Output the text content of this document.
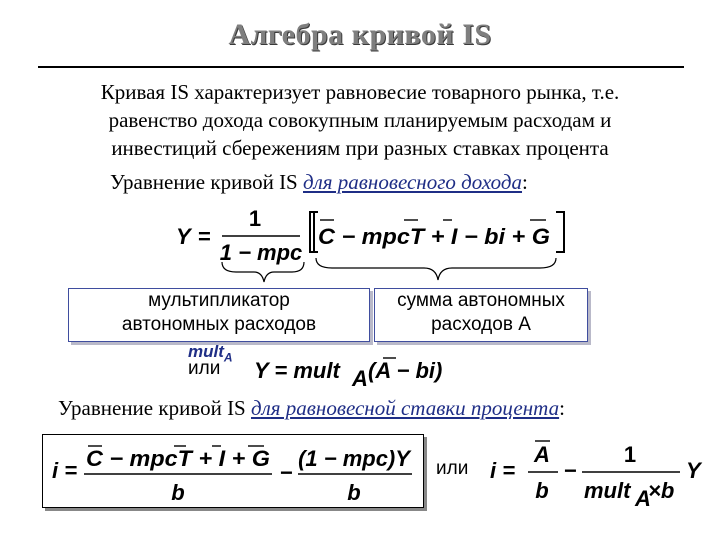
Алгебра кривой IS
Кривая IS характеризует равновесие товарного рынка, т.е.
равенство дохода совокупным планируемым расходам и
инвестиций сбережениям при разных ставках процента
Уравнение кривой IS для равновесного дохода:
мультипликатор
автономных расходов
сумма автономных
расходов A
mult$_A$
или
Уравнение кривой IS для равновесной ставки процента:
или
Y =
1
1 − mpc
C − mpcT + I − bi + G
Y = mult A (A − bi)
i = C − mpcT + I + G
b
−
(1 − mpc)Y
b
i =
A
b
−
1
mult A
×b
Y
